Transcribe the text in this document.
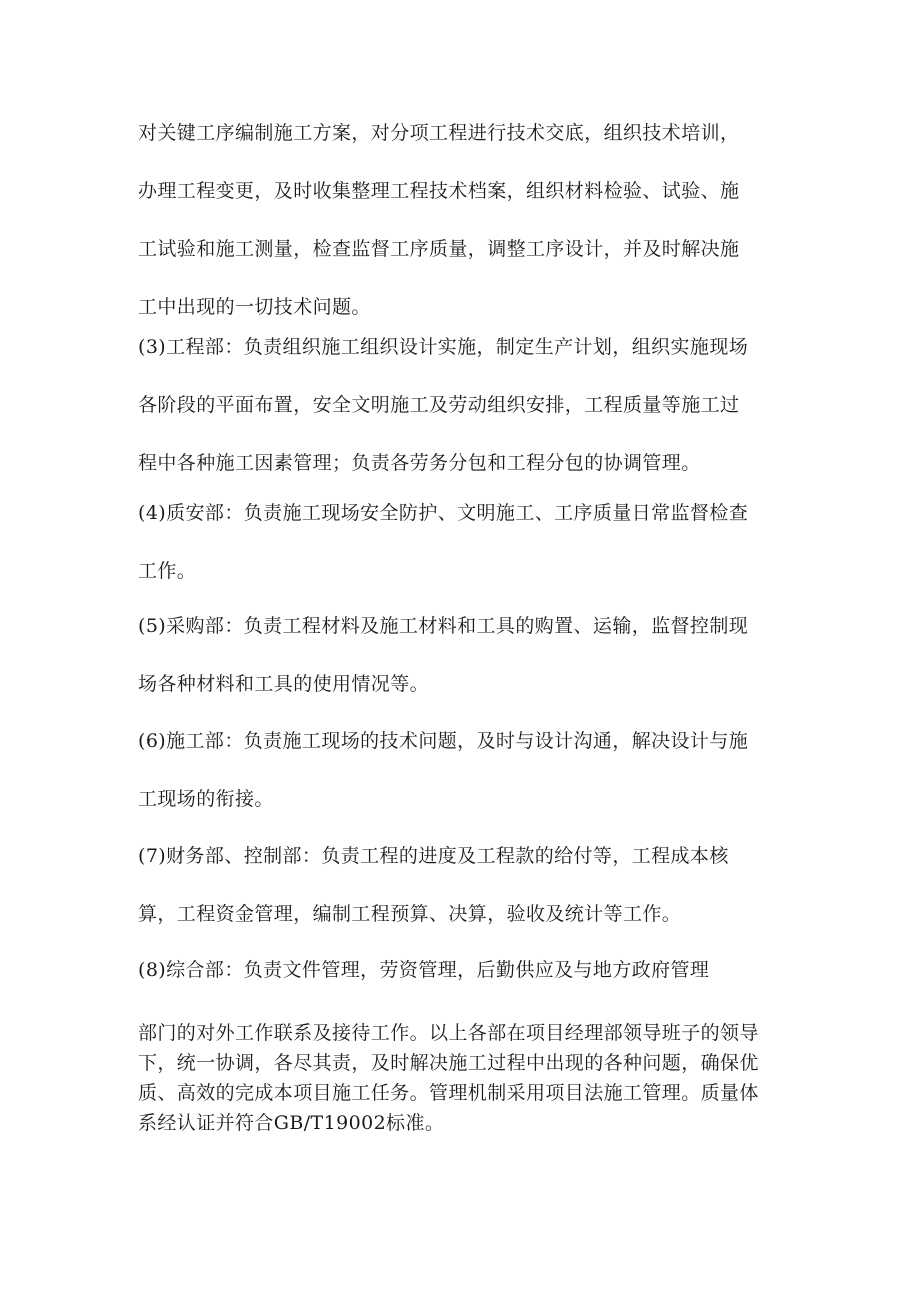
对关键工序编制施工方案，对分项工程进行技术交底，组织技术培训，
办理工程变更，及时收集整理工程技术档案，组织材料检验、试验、施
工试验和施工测量，检查监督工序质量，调整工序设计，并及时解决施
工中出现的一切技术问题。

(3)工程部：负责组织施工组织设计实施，制定生产计划，组织实施现场
各阶段的平面布置，安全文明施工及劳动组织安排，工程质量等施工过
程中各种施工因素管理；负责各劳务分包和工程分包的协调管理。

(4)质安部：负责施工现场安全防护、文明施工、工序质量日常监督检查
工作。

(5)采购部：负责工程材料及施工材料和工具的购置、运输，监督控制现
场各种材料和工具的使用情况等。

(6)施工部：负责施工现场的技术问题，及时与设计沟通，解决设计与施
工现场的衔接。

(7)财务部、控制部：负责工程的进度及工程款的给付等，工程成本核
算，工程资金管理，编制工程预算、决算，验收及统计等工作。

(8)综合部：负责文件管理，劳资管理，后勤供应及与地方政府管理

部门的对外工作联系及接待工作。以上各部在项目经理部领导班子的领导
下，统一协调，各尽其责，及时解决施工过程中出现的各种问题，确保优
质、高效的完成本项目施工任务。管理机制采用项目法施工管理。质量体
系经认证并符合GB/T19002标准。
